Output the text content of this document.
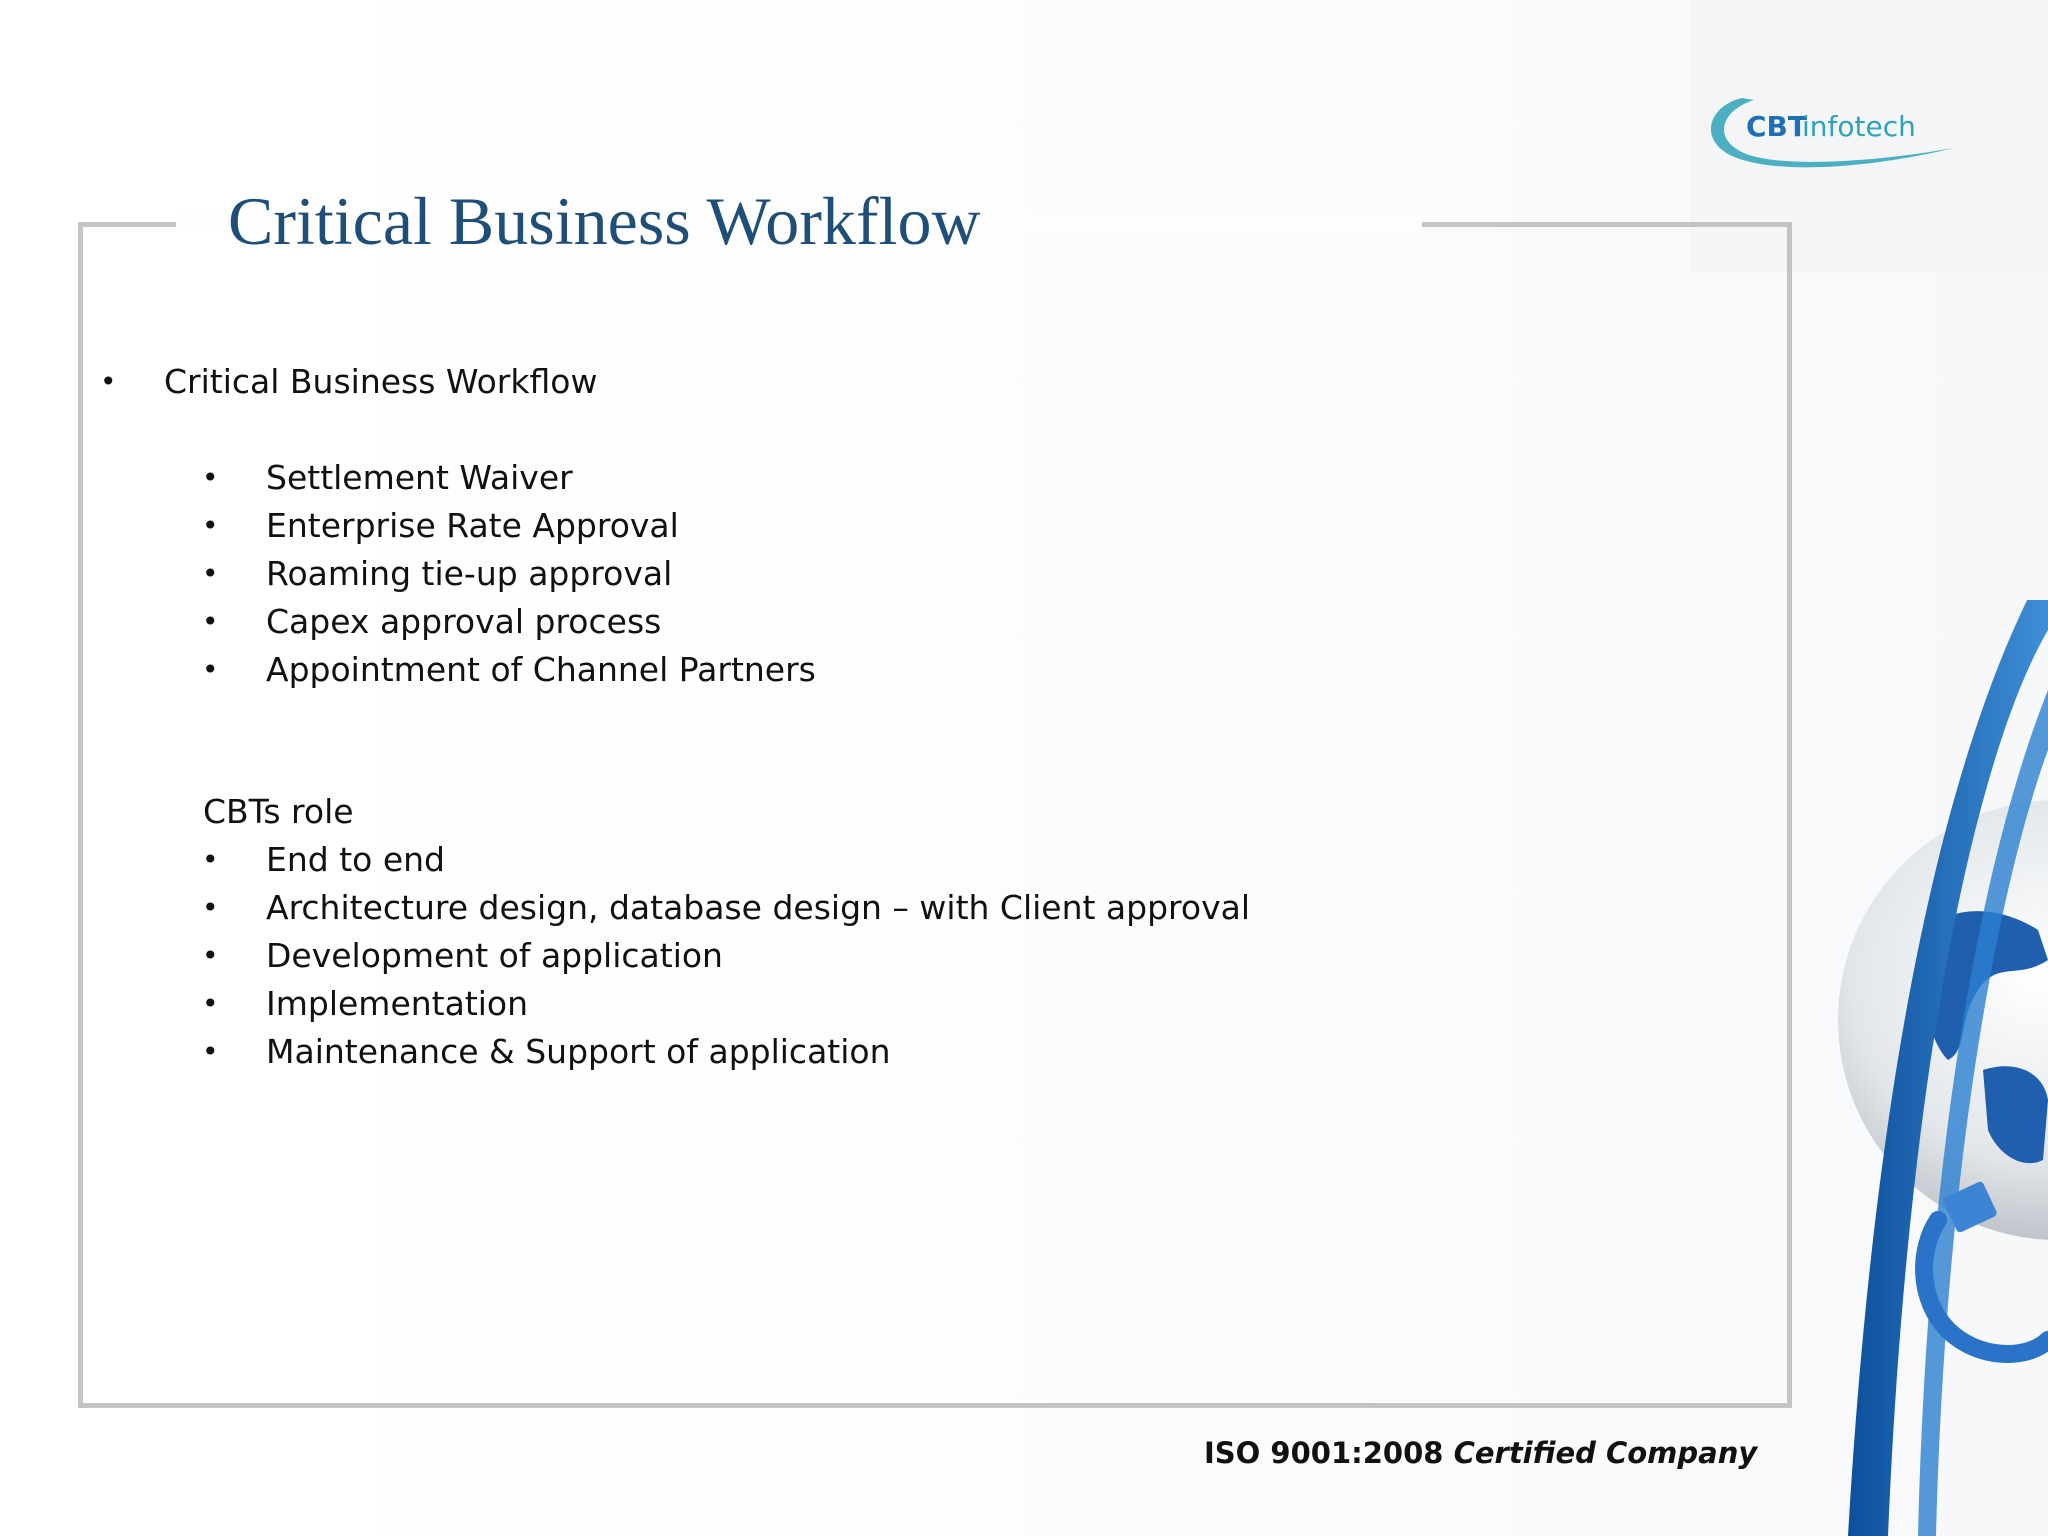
CBT
infotech
Critical Business Workflow
• Critical Business Workflow
• Settlement Waiver
• Enterprise Rate Approval
• Roaming tie-up approval
• Capex approval process
• Appointment of Channel Partners
CBTs role
• End to end
• Architecture design, database design – with Client approval
• Development of application
• Implementation
• Maintenance & Support of application
ISO 9001:2008 Certified Company
